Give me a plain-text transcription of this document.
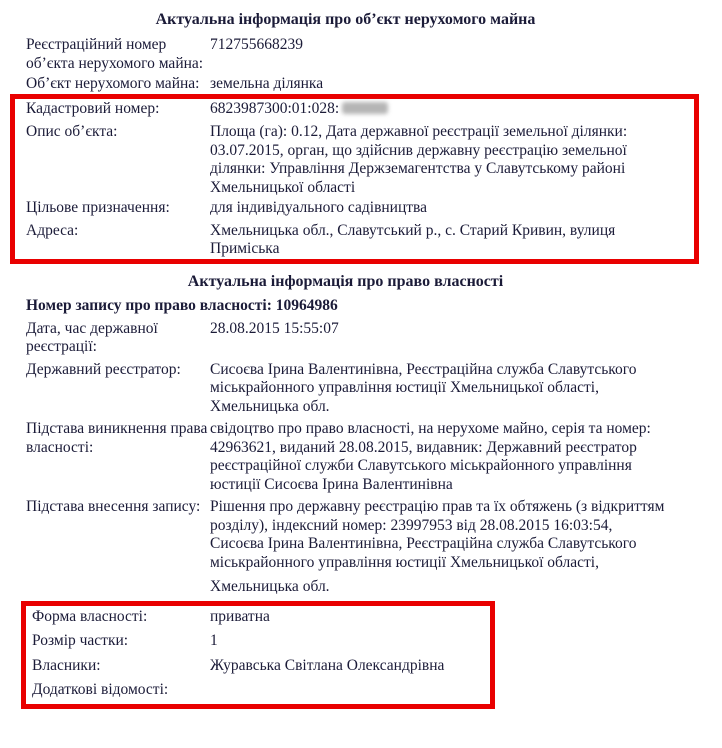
Актуальна інформація про об’єкт нерухомого майна
Реєстраційний номер об’єкта нерухомого майна:
712755668239
Об’єкт нерухомого майна: земельна ділянка
Кадастровий номер:	6823987300:01:028:
Опис об’єкта:	Площа (га): 0.12, Дата державної реєстрації земельної ділянки: 03.07.2015, орган, що здійснив державну реєстрацію земельної ділянки: Управління Держземагентства у Славутському районі Хмельницької області
Цільове призначення:	для індивідуального садівництва
Адреса:	Хмельницька обл., Славутський р., с. Старий Кривин, вулиця Приміська
Актуальна інформація про право власності
Номер запису про право власності: 10964986
Дата, час державної реєстрації:
28.08.2015 15:55:07
Державний реєстратор:	Сисоєва Ірина Валентинівна, Реєстраційна служба Славутського міськрайонного управління юстиції Хмельницької області, Хмельницька обл.
Підстава виникнення права власності:
свідоцтво про право власності, на нерухоме майно, серія та номер: 42963621, виданий 28.08.2015, видавник: Державний реєстратор реєстраційної служби Славутського міськрайонного управління юстиції Сисоєва Ірина Валентинівна
Підстава внесення запису: Рішення про державну реєстрацію прав та їх обтяжень (з відкриттям розділу), індексний номер: 23997953 від 28.08.2015 16:03:54, Сисоєва Ірина Валентинівна, Реєстраційна служба Славутського міськрайонного управління юстиції Хмельницької області,
Хмельницька обл.
Форма власності:	приватна
Розмір частки:	1
Власники:	Журавська Світлана Олександрівна
Додаткові відомості:
